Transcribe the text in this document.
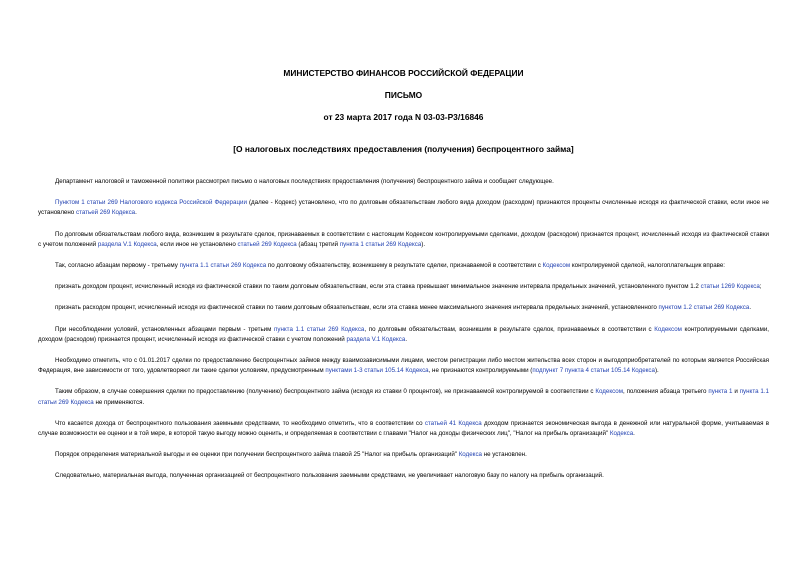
МИНИСТЕРСТВО ФИНАНСОВ РОССИЙСКОЙ ФЕДЕРАЦИИ
ПИСЬМО
от 23 марта 2017 года N 03-03-Р3/16846
[О налоговых последствиях предоставления (получения) беспроцентного займа]

Департамент налоговой и таможенной политики рассмотрел письмо о налоговых последствиях предоставления (получения) беспроцентного займа и сообщает следующее.

Пунктом 1 статьи 269 Налогового кодекса Российской Федерации (далее - Кодекс) установлено, что по долговым обязательствам любого вида доходом (расходом) признаются проценты счисленные исходя из фактической ставки, если иное не установлено статьей 269 Кодекса.

По долговым обязательствам любого вида, возникшим в результате сделок, признаваемых в соответствии с настоящим Кодексом контролируемыми сделками, доходом (расходом) признается процент, исчисленный исходя из фактической ставки с учетом положений раздела V.1 Кодекса, если иное не установлено статьей 269 Кодекса (абзац третий пункта 1 статьи 269 Кодекса).

Так, согласно абзацам первому - третьему пункта 1.1 статьи 269 Кодекса по долговому обязательству, возникшему в результате сделки, признаваемой в соответствии с Кодексом контролируемой сделкой, налогоплательщик вправе:

признать доходом процент, исчисленный исходя из фактической ставки по таким долговым обязательствам, если эта ставка превышает минимальное значение интервала предельных значений, установленного пунктом 1.2 статьи 1269 Кодекса;

признать расходом процент, исчисленный исходя из фактической ставки по таким долговым обязательствам, если эта ставка менее максимального значения интервала предельных значений, установленного пунктом 1.2 статьи 269 Кодекса.

При несоблюдении условий, установленных абзацами первым - третьим пункта 1.1 статьи 269 Кодекса, по долговым обязательствам, возникшим в результате сделок, признаваемых в соответствии с Кодексом контролируемыми сделками, доходом (расходом) признается процент, исчисленный исходя из фактической ставки с учетом положений раздела V.1 Кодекса.

Необходимо отметить, что с 01.01.2017 сделки по предоставлению беспроцентных займов между взаимозависимыми лицами, местом регистрации либо местом жительства всех сторон и выгодоприобретателей по которым является Российская Федерация, вне зависимости от того, удовлетворяют ли такие сделки условиям, предусмотренным пунктами 1-3 статьи 105.14 Кодекса, не признаются контролируемыми (подпункт 7 пункта 4 статьи 105.14 Кодекса).

Таким образом, в случае совершения сделки по предоставлению (получению) беспроцентного займа (исходя из ставки 0 процентов), не признаваемой контролируемой в соответствии с Кодексом, положения абзаца третьего пункта 1 и пункта 1.1 статьи 269 Кодекса не применяются.

Что касается дохода от беспроцентного пользования заемными средствами, то необходимо отметить, что в соответствии со статьей 41 Кодекса доходом признается экономическая выгода в денежной или натуральной форме, учитываемая в случае возможности ее оценки и в той мере, в которой такую выгоду можно оценить, и определяемая в соответствии с главами "Налог на доходы физических лиц", "Налог на прибыль организаций" Кодекса.

Порядок определения материальной выгоды и ее оценки при получении беспроцентного займа главой 25 "Налог на прибыль организаций" Кодекса не установлен.

Следовательно, материальная выгода, полученная организацией от беспроцентного пользования заемными средствами, не увеличивает налоговую базу по налогу на прибыль организаций.
